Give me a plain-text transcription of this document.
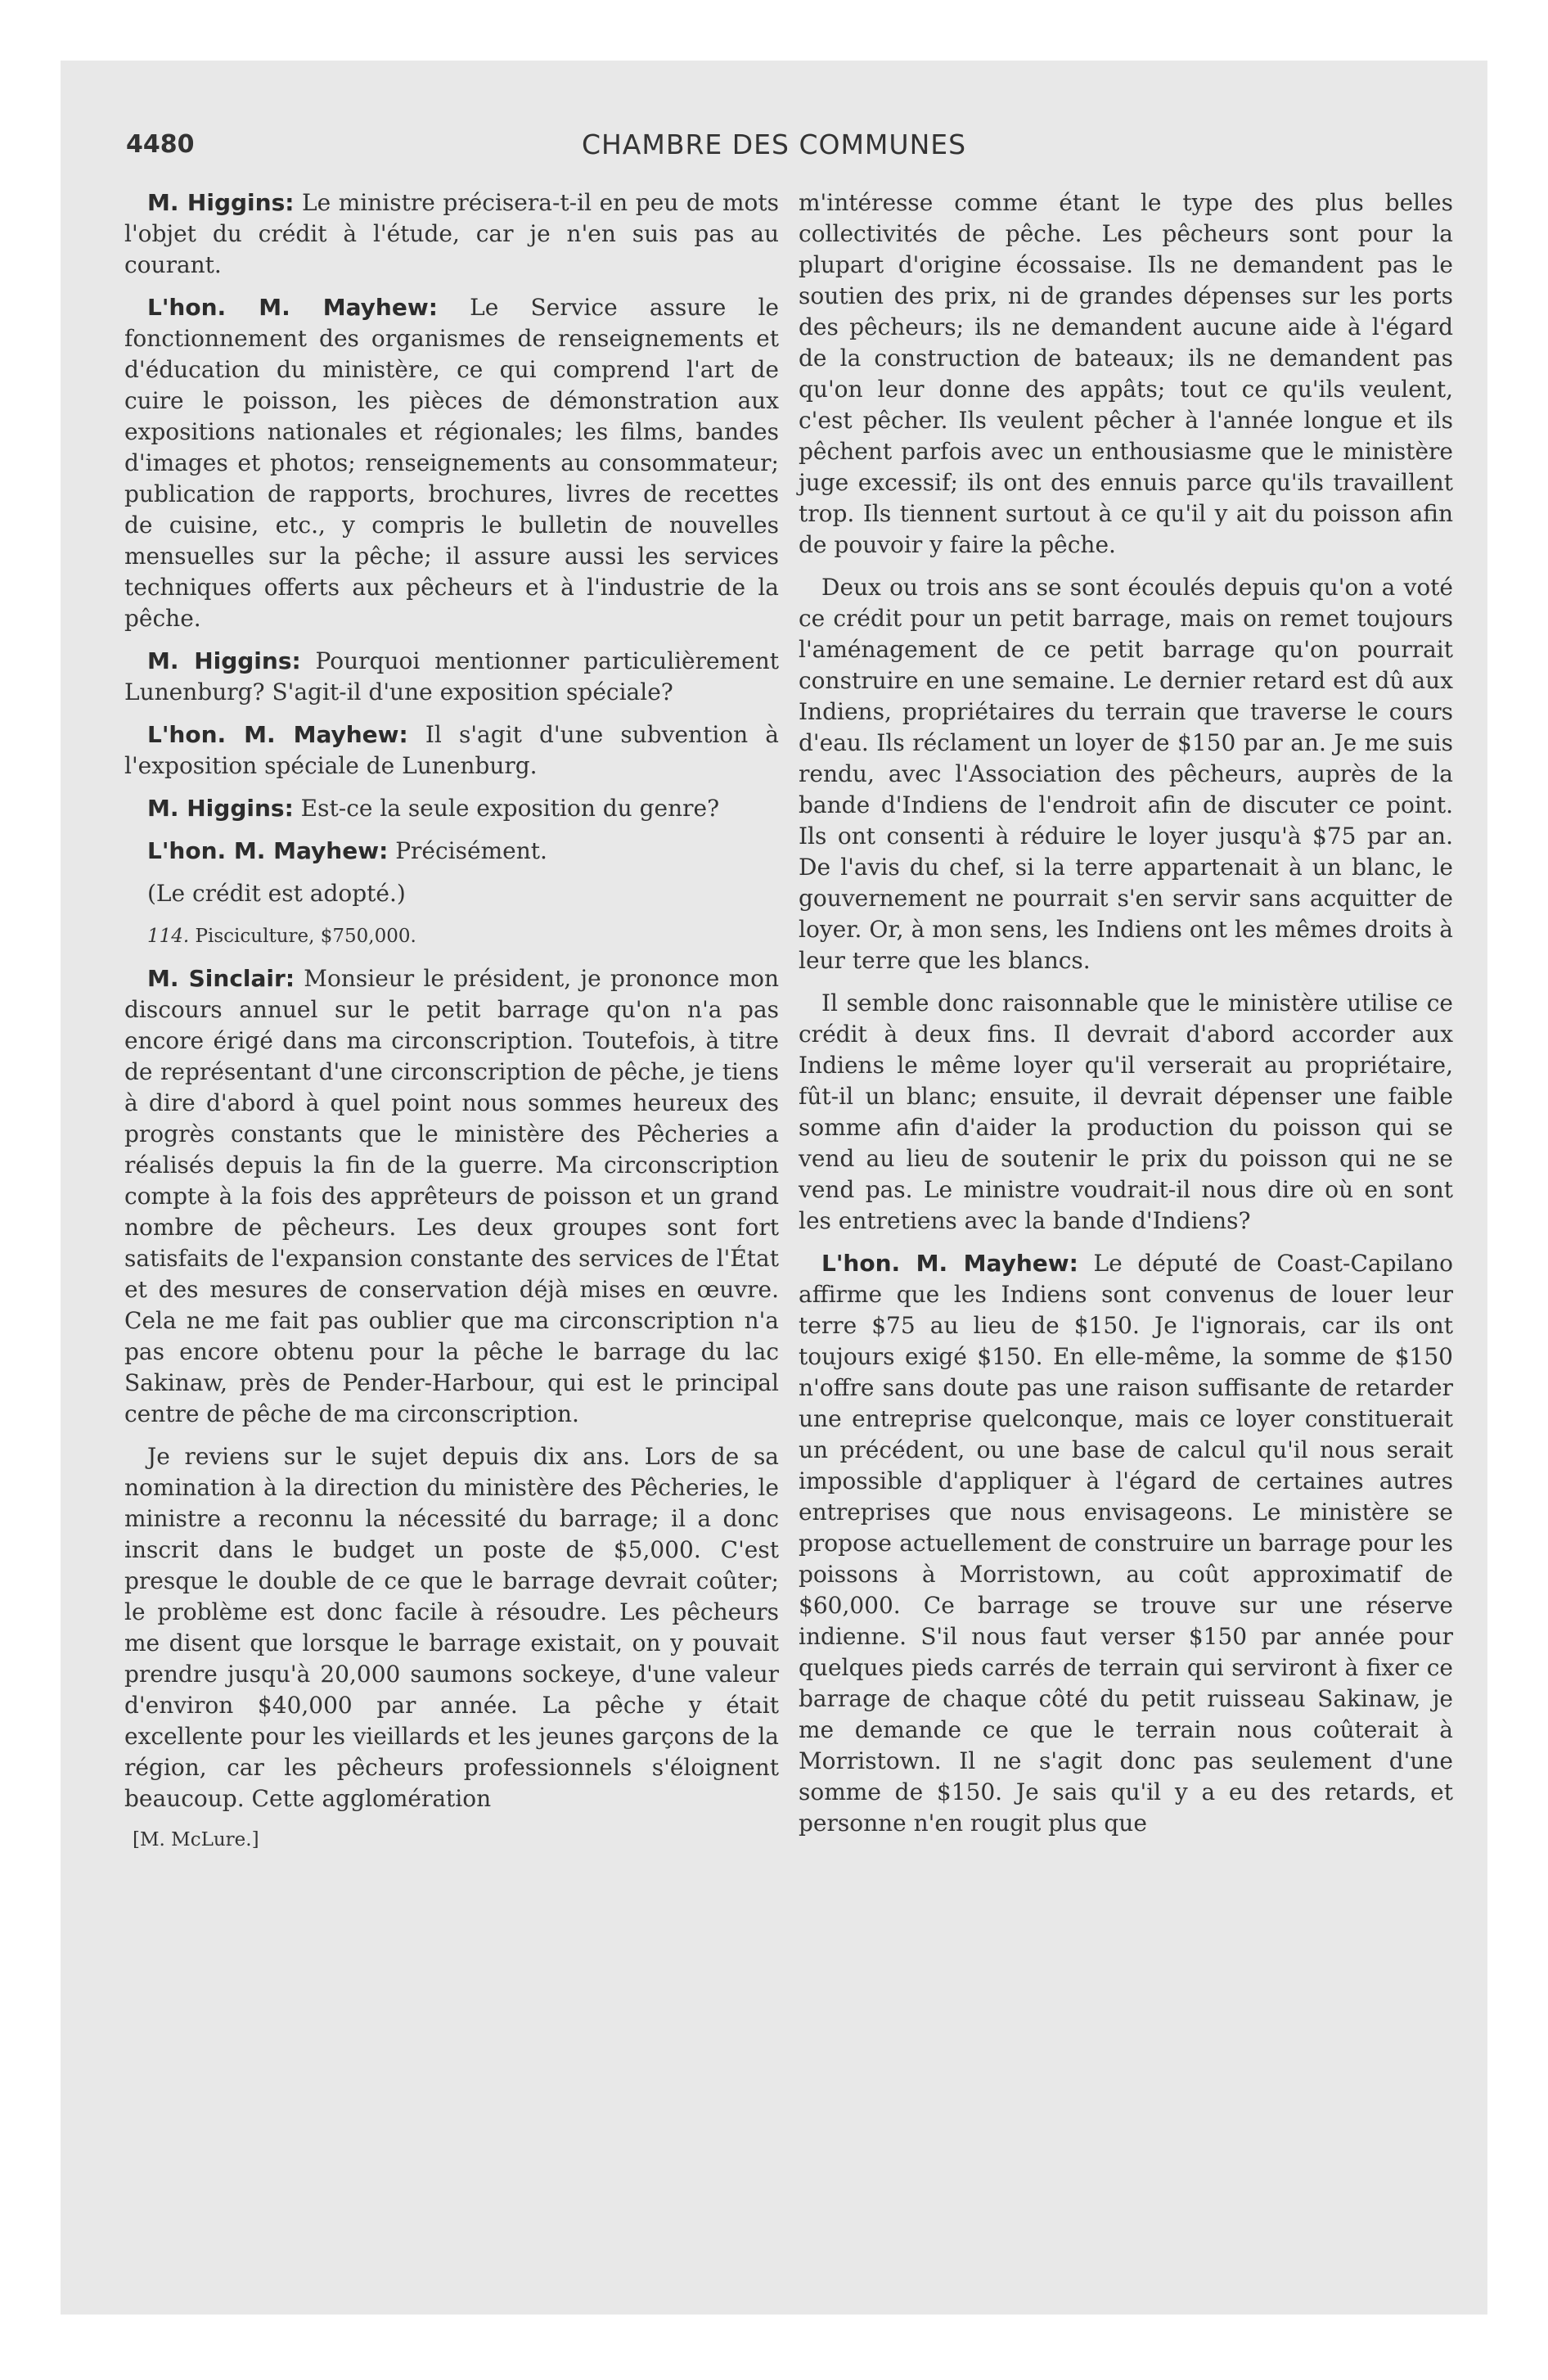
4480	CHAMBRE DES COMMUNES

M. Higgins: Le ministre précisera-t-il en peu de mots l'objet du crédit à l'étude, car je n'en suis pas au courant.

L'hon. M. Mayhew: Le Service assure le fonctionnement des organismes de renseignements et d'éducation du ministère, ce qui comprend l'art de cuire le poisson, les pièces de démonstration aux expositions nationales et régionales; les films, bandes d'images et photos; renseignements au consommateur; publication de rapports, brochures, livres de recettes de cuisine, etc., y compris le bulletin de nouvelles mensuelles sur la pêche; il assure aussi les services techniques offerts aux pêcheurs et à l'industrie de la pêche.

M. Higgins: Pourquoi mentionner particulièrement Lunenburg? S'agit-il d'une exposition spéciale?

L'hon. M. Mayhew: Il s'agit d'une subvention à l'exposition spéciale de Lunenburg.

M. Higgins: Est-ce la seule exposition du genre?

L'hon. M. Mayhew: Précisément.

(Le crédit est adopté.)

114. Pisciculture, $750,000.

M. Sinclair: Monsieur le président, je prononce mon discours annuel sur le petit barrage qu'on n'a pas encore érigé dans ma circonscription. Toutefois, à titre de représentant d'une circonscription de pêche, je tiens à dire d'abord à quel point nous sommes heureux des progrès constants que le ministère des Pêcheries a réalisés depuis la fin de la guerre. Ma circonscription compte à la fois des apprêteurs de poisson et un grand nombre de pêcheurs. Les deux groupes sont fort satisfaits de l'expansion constante des services de l'État et des mesures de conservation déjà mises en œuvre. Cela ne me fait pas oublier que ma circonscription n'a pas encore obtenu pour la pêche le barrage du lac Sakinaw, près de Pender-Harbour, qui est le principal centre de pêche de ma circonscription.

Je reviens sur le sujet depuis dix ans. Lors de sa nomination à la direction du ministère des Pêcheries, le ministre a reconnu la nécessité du barrage; il a donc inscrit dans le budget un poste de $5,000. C'est presque le double de ce que le barrage devrait coûter; le problème est donc facile à résoudre. Les pêcheurs me disent que lorsque le barrage existait, on y pouvait prendre jusqu'à 20,000 saumons sockeye, d'une valeur d'environ $40,000 par année. La pêche y était excellente pour les vieillards et les jeunes garçons de la région, car les pêcheurs professionnels s'éloignent beaucoup. Cette agglomération

[M. McLure.]

m'intéresse comme étant le type des plus belles collectivités de pêche. Les pêcheurs sont pour la plupart d'origine écossaise. Ils ne demandent pas le soutien des prix, ni de grandes dépenses sur les ports des pêcheurs; ils ne demandent aucune aide à l'égard de la construction de bateaux; ils ne demandent pas qu'on leur donne des appâts; tout ce qu'ils veulent, c'est pêcher. Ils veulent pêcher à l'année longue et ils pêchent parfois avec un enthousiasme que le ministère juge excessif; ils ont des ennuis parce qu'ils travaillent trop. Ils tiennent surtout à ce qu'il y ait du poisson afin de pouvoir y faire la pêche.

Deux ou trois ans se sont écoulés depuis qu'on a voté ce crédit pour un petit barrage, mais on remet toujours l'aménagement de ce petit barrage qu'on pourrait construire en une semaine. Le dernier retard est dû aux Indiens, propriétaires du terrain que traverse le cours d'eau. Ils réclament un loyer de $150 par an. Je me suis rendu, avec l'Association des pêcheurs, auprès de la bande d'Indiens de l'endroit afin de discuter ce point. Ils ont consenti à réduire le loyer jusqu'à $75 par an. De l'avis du chef, si la terre appartenait à un blanc, le gouvernement ne pourrait s'en servir sans acquitter de loyer. Or, à mon sens, les Indiens ont les mêmes droits à leur terre que les blancs.

Il semble donc raisonnable que le ministère utilise ce crédit à deux fins. Il devrait d'abord accorder aux Indiens le même loyer qu'il verserait au propriétaire, fût-il un blanc; ensuite, il devrait dépenser une faible somme afin d'aider la production du poisson qui se vend au lieu de soutenir le prix du poisson qui ne se vend pas. Le ministre voudrait-il nous dire où en sont les entretiens avec la bande d'Indiens?

L'hon. M. Mayhew: Le député de Coast-Capilano affirme que les Indiens sont convenus de louer leur terre $75 au lieu de $150. Je l'ignorais, car ils ont toujours exigé $150. En elle-même, la somme de $150 n'offre sans doute pas une raison suffisante de retarder une entreprise quelconque, mais ce loyer constituerait un précédent, ou une base de calcul qu'il nous serait impossible d'appliquer à l'égard de certaines autres entreprises que nous envisageons. Le ministère se propose actuellement de construire un barrage pour les poissons à Morristown, au coût approximatif de $60,000. Ce barrage se trouve sur une réserve indienne. S'il nous faut verser $150 par année pour quelques pieds carrés de terrain qui serviront à fixer ce barrage de chaque côté du petit ruisseau Sakinaw, je me demande ce que le terrain nous coûterait à Morristown. Il ne s'agit donc pas seulement d'une somme de $150. Je sais qu'il y a eu des retards, et personne n'en rougit plus que
